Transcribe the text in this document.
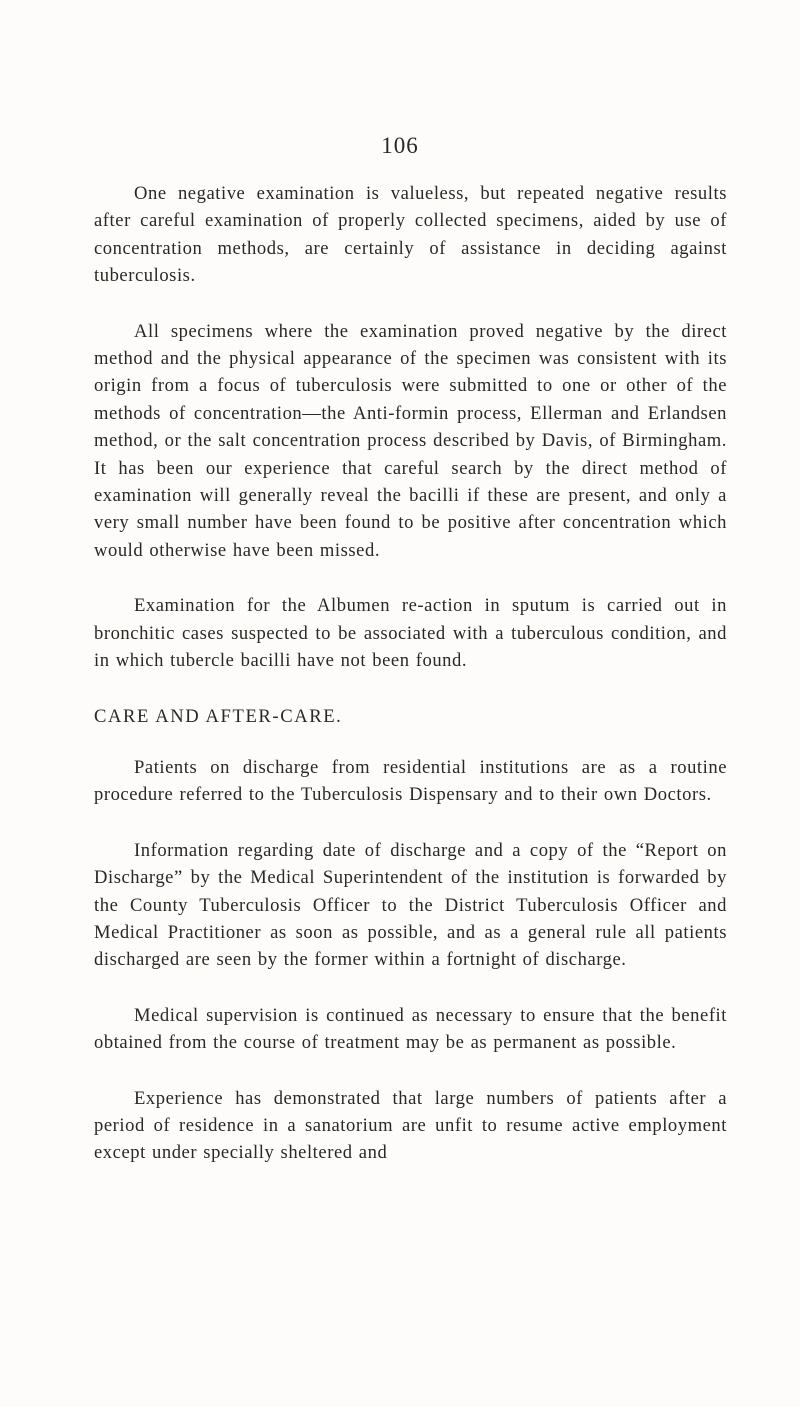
106

One negative examination is valueless, but repeated negative results after careful examination of properly collected specimens, aided by use of concentration methods, are certainly of assistance in deciding against tuberculosis.

All specimens where the examination proved negative by the direct method and the physical appearance of the specimen was consistent with its origin from a focus of tuberculosis were submitted to one or other of the methods of concentration—the Anti-formin process, Ellerman and Erlandsen method, or the salt concentration process described by Davis, of Birmingham. It has been our experience that careful search by the direct method of examination will generally reveal the bacilli if these are present, and only a very small number have been found to be positive after concentration which would otherwise have been missed.

Examination for the Albumen re-action in sputum is carried out in bronchitic cases suspected to be associated with a tuberculous condition, and in which tubercle bacilli have not been found.

CARE AND AFTER-CARE.

Patients on discharge from residential institutions are as a routine procedure referred to the Tuberculosis Dispensary and to their own Doctors.

Information regarding date of discharge and a copy of the “Report on Discharge” by the Medical Superintendent of the institution is forwarded by the County Tuberculosis Officer to the District Tuberculosis Officer and Medical Practitioner as soon as possible, and as a general rule all patients discharged are seen by the former within a fortnight of discharge.

Medical supervision is continued as necessary to ensure that the benefit obtained from the course of treatment may be as permanent as possible.

Experience has demonstrated that large numbers of patients after a period of residence in a sanatorium are unfit to resume active employment except under specially sheltered and
